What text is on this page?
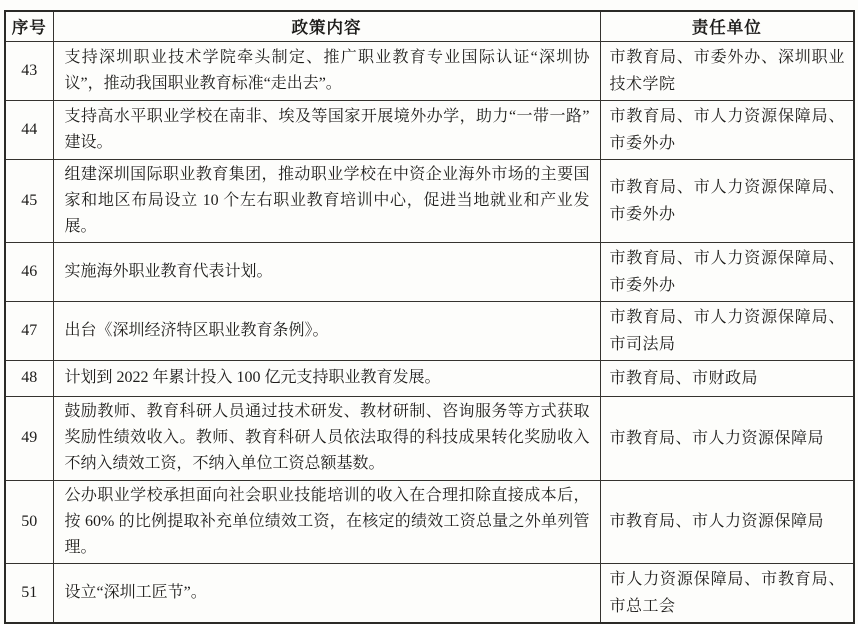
序号	政策内容	责任单位
43	支持深圳职业技术学院牵头制定、推广职业教育专业国际认证“深圳协议”，推动我国职业教育标准“走出去”。	市教育局、市委外办、深圳职业技术学院
44	支持高水平职业学校在南非、埃及等国家开展境外办学，助力“一带一路”建设。	市教育局、市人力资源保障局、市委外办
45	组建深圳国际职业教育集团，推动职业学校在中资企业海外市场的主要国家和地区布局设立 10 个左右职业教育培训中心，促进当地就业和产业发展。	市教育局、市人力资源保障局、市委外办
46	实施海外职业教育代表计划。	市教育局、市人力资源保障局、市委外办
47	出台《深圳经济特区职业教育条例》。	市教育局、市人力资源保障局、市司法局
48	计划到 2022 年累计投入 100 亿元支持职业教育发展。	市教育局、市财政局
49	鼓励教师、教育科研人员通过技术研发、教材研制、咨询服务等方式获取奖励性绩效收入。教师、教育科研人员依法取得的科技成果转化奖励收入不纳入绩效工资，不纳入单位工资总额基数。	市教育局、市人力资源保障局
50	公办职业学校承担面向社会职业技能培训的收入在合理扣除直接成本后，按 60% 的比例提取补充单位绩效工资，在核定的绩效工资总量之外单列管理。	市教育局、市人力资源保障局
51	设立“深圳工匠节”。	市人力资源保障局、市教育局、市总工会
